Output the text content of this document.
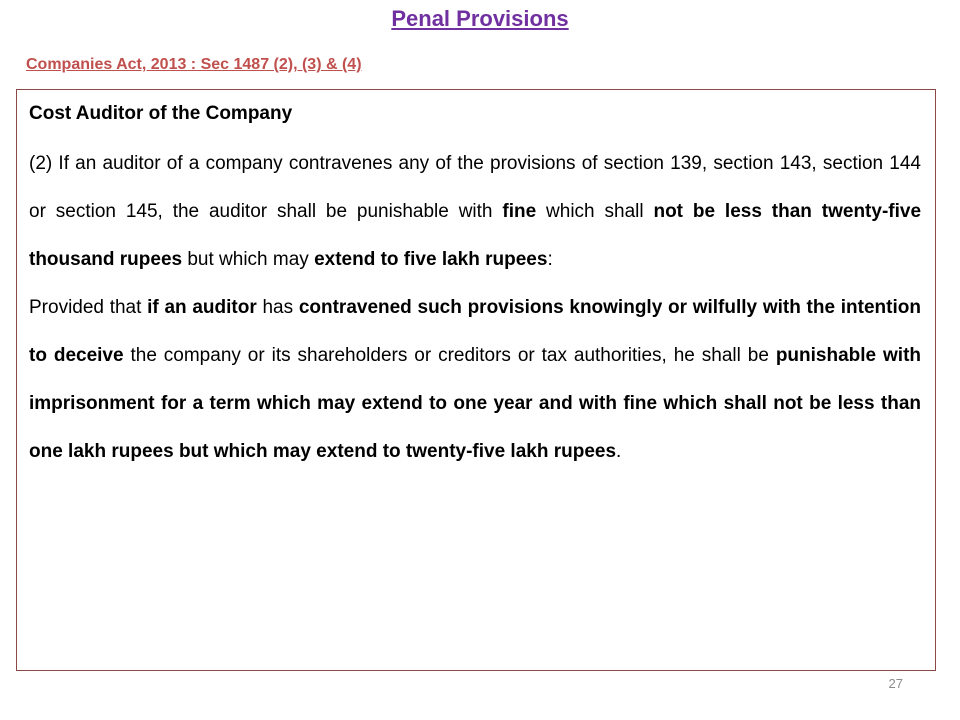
Penal Provisions
Companies Act, 2013 : Sec 1487 (2), (3) & (4)
Cost Auditor of the Company

(2) If an auditor of a company contravenes any of the provisions of section 139, section 143, section 144 or section 145, the auditor shall be punishable with fine which shall not be less than twenty-five thousand rupees but which may extend to five lakh rupees:

Provided that if an auditor has contravened such provisions knowingly or wilfully with the intention to deceive the company or its shareholders or creditors or tax authorities, he shall be punishable with imprisonment for a term which may extend to one year and with fine which shall not be less than one lakh rupees but which may extend to twenty-five lakh rupees.

27
